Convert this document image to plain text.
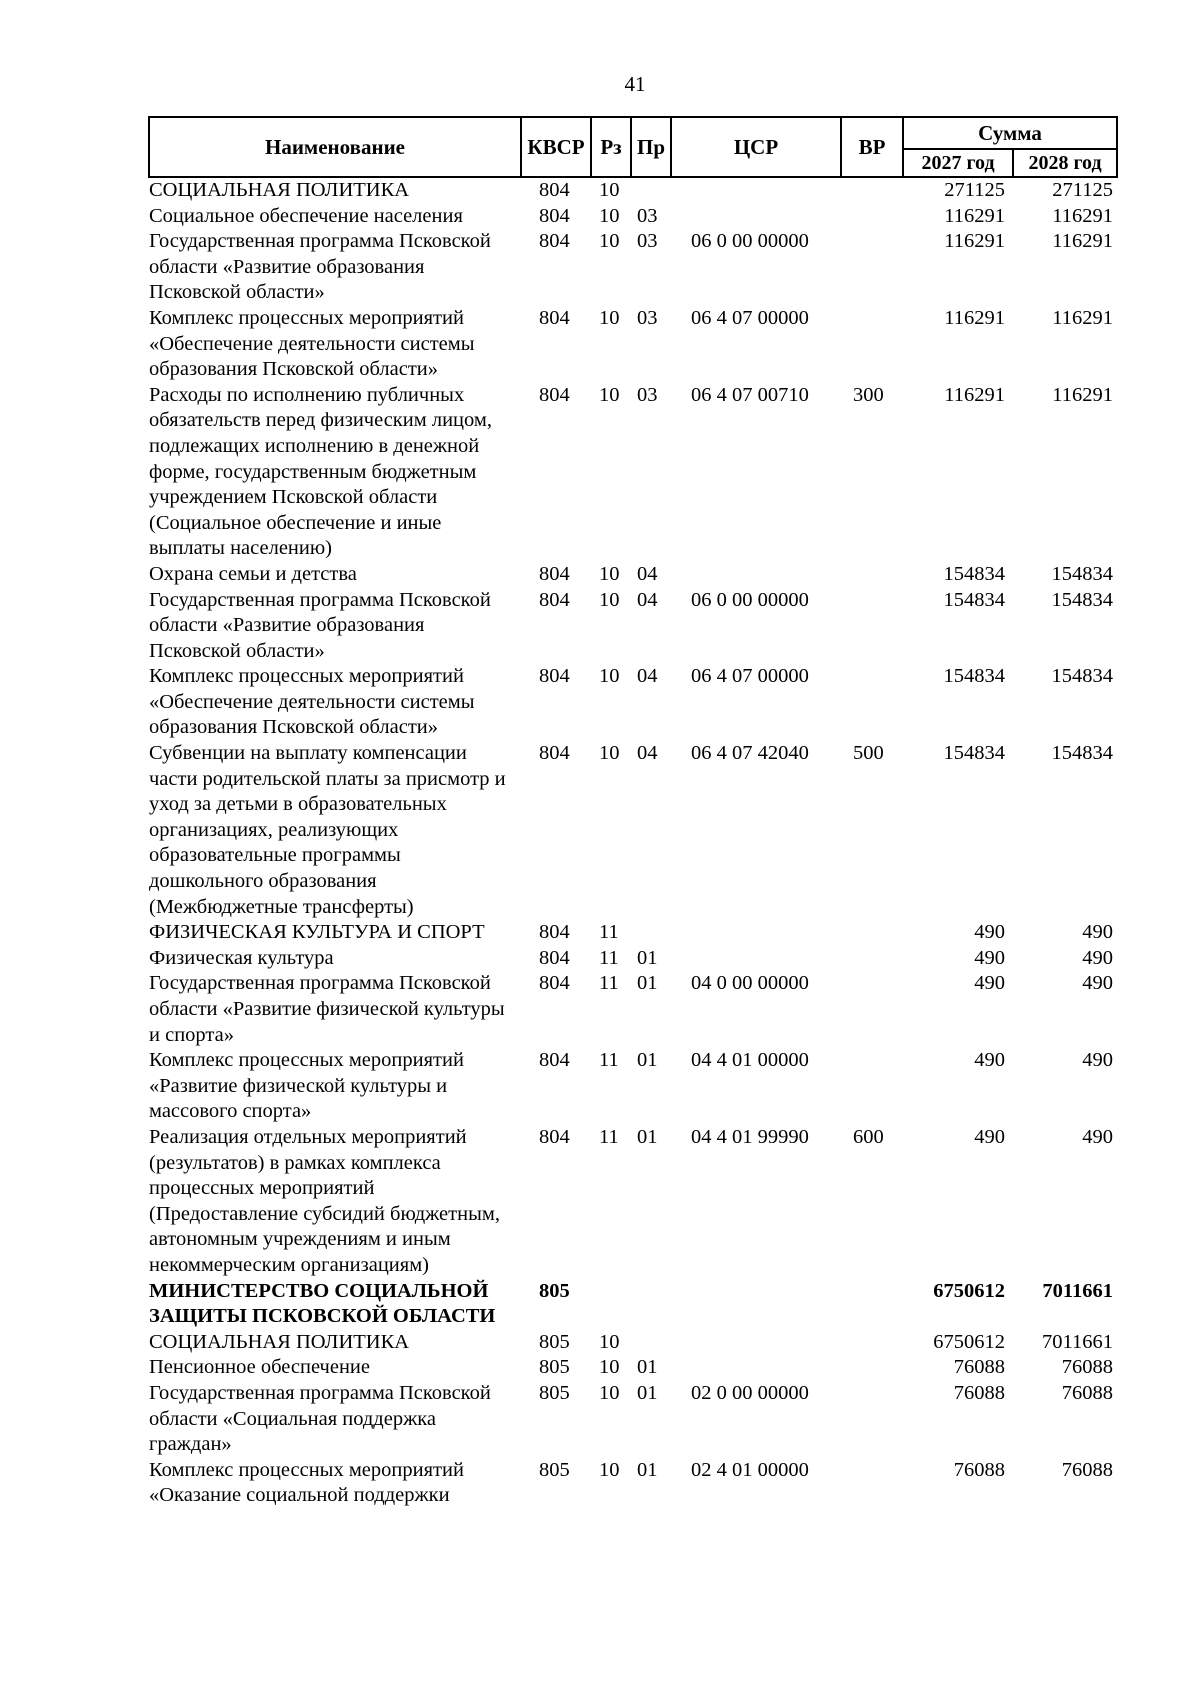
41
Наименование	КВСР	Рз	Пр	ЦСР	ВР	Сумма	
						2027 год	2028 год
СОЦИАЛЬНАЯ ПОЛИТИКА	804	10				271125	271125
Социальное обеспечение населения	804	10	03			116291	116291
Государственная программа Псковской области «Развитие образования Псковской области»	804	10	03	06 0 00 00000		116291	116291
Комплекс процессных мероприятий «Обеспечение деятельности системы образования Псковской области»	804	10	03	06 4 07 00000		116291	116291
Расходы по исполнению публичных обязательств перед физическим лицом, подлежащих исполнению в денежной форме, государственным бюджетным учреждением Псковской области (Социальное обеспечение и иные выплаты населению)	804	10	03	06 4 07 00710	300	116291	116291
Охрана семьи и детства	804	10	04			154834	154834
Государственная программа Псковской области «Развитие образования Псковской области»	804	10	04	06 0 00 00000		154834	154834
Комплекс процессных мероприятий «Обеспечение деятельности системы образования Псковской области»	804	10	04	06 4 07 00000		154834	154834
Субвенции на выплату компенсации части родительской платы за присмотр и уход за детьми в образовательных организациях, реализующих образовательные программы дошкольного образования (Межбюджетные трансферты)	804	10	04	06 4 07 42040	500	154834	154834
ФИЗИЧЕСКАЯ КУЛЬТУРА И СПОРТ	804	11				490	490
Физическая культура	804	11	01			490	490
Государственная программа Псковской области «Развитие физической культуры и спорта»	804	11	01	04 0 00 00000		490	490
Комплекс процессных мероприятий «Развитие физической культуры и массового спорта»	804	11	01	04 4 01 00000		490	490
Реализация отдельных мероприятий (результатов) в рамках комплекса процессных мероприятий (Предоставление субсидий бюджетным, автономным учреждениям и иным некоммерческим организациям)	804	11	01	04 4 01 99990	600	490	490
МИНИСТЕРСТВО СОЦИАЛЬНОЙ ЗАЩИТЫ ПСКОВСКОЙ ОБЛАСТИ	805					6750612	7011661
СОЦИАЛЬНАЯ ПОЛИТИКА	805	10				6750612	7011661
Пенсионное обеспечение	805	10	01			76088	76088
Государственная программа Псковской области «Социальная поддержка граждан»	805	10	01	02 0 00 00000		76088	76088
Комплекс процессных мероприятий «Оказание социальной поддержки	805	10	01	02 4 01 00000		76088	76088
